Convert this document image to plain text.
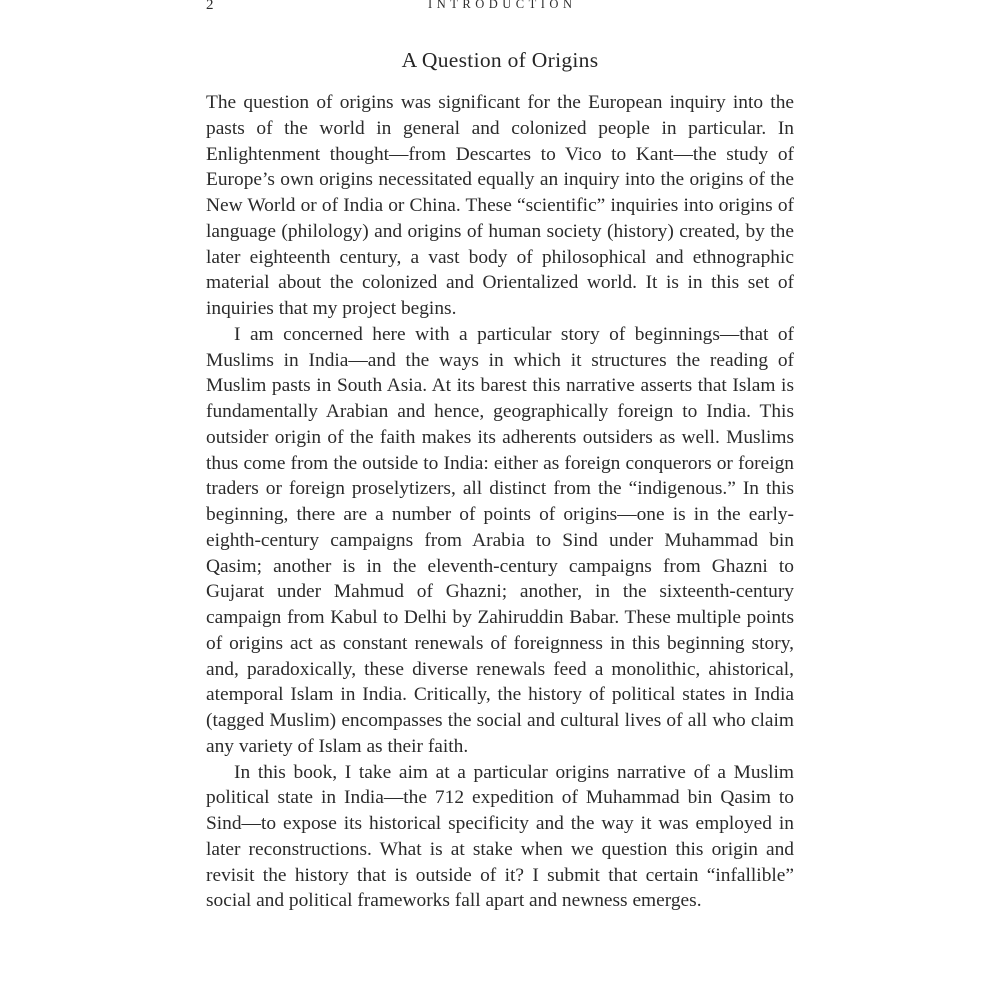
2	INTRODUCTION
A Question of Origins

The question of origins was significant for the European inquiry into the pasts of the world in general and colonized people in particular. In Enlightenment thought—from Descartes to Vico to Kant—the study of Europe’s own origins necessitated equally an inquiry into the origins of the New World or of India or China. These “scientific” inquiries into origins of language (philology) and origins of human society (history) created, by the later eighteenth century, a vast body of philosophical and ethnographic material about the colonized and Orientalized world. It is in this set of inquiries that my project begins.

I am concerned here with a particular story of beginnings—that of Muslims in India—and the ways in which it structures the reading of Muslim pasts in South Asia. At its barest this narrative asserts that Islam is fundamentally Arabian and hence, geographically foreign to India. This outsider origin of the faith makes its adherents outsiders as well. Muslims thus come from the outside to India: either as foreign conquerors or foreign traders or foreign proselytizers, all distinct from the “indigenous.” In this beginning, there are a number of points of origins—one is in the early-eighth-century campaigns from Arabia to Sind under Muhammad bin Qasim; another is in the eleventh-century campaigns from Ghazni to Gujarat under Mahmud of Ghazni; another, in the sixteenth-century campaign from Kabul to Delhi by Zahiruddin Babar. These multiple points of origins act as constant renewals of foreignness in this beginning story, and, paradoxically, these diverse renewals feed a monolithic, ahistorical, atemporal Islam in India. Critically, the history of political states in India (tagged Muslim) encompasses the social and cultural lives of all who claim any variety of Islam as their faith.

In this book, I take aim at a particular origins narrative of a Muslim political state in India—the 712 expedition of Muhammad bin Qasim to Sind—to expose its historical specificity and the way it was employed in later reconstructions. What is at stake when we question this origin and revisit the history that is outside of it? I submit that certain “infallible” social and political frameworks fall apart and newness emerges.
